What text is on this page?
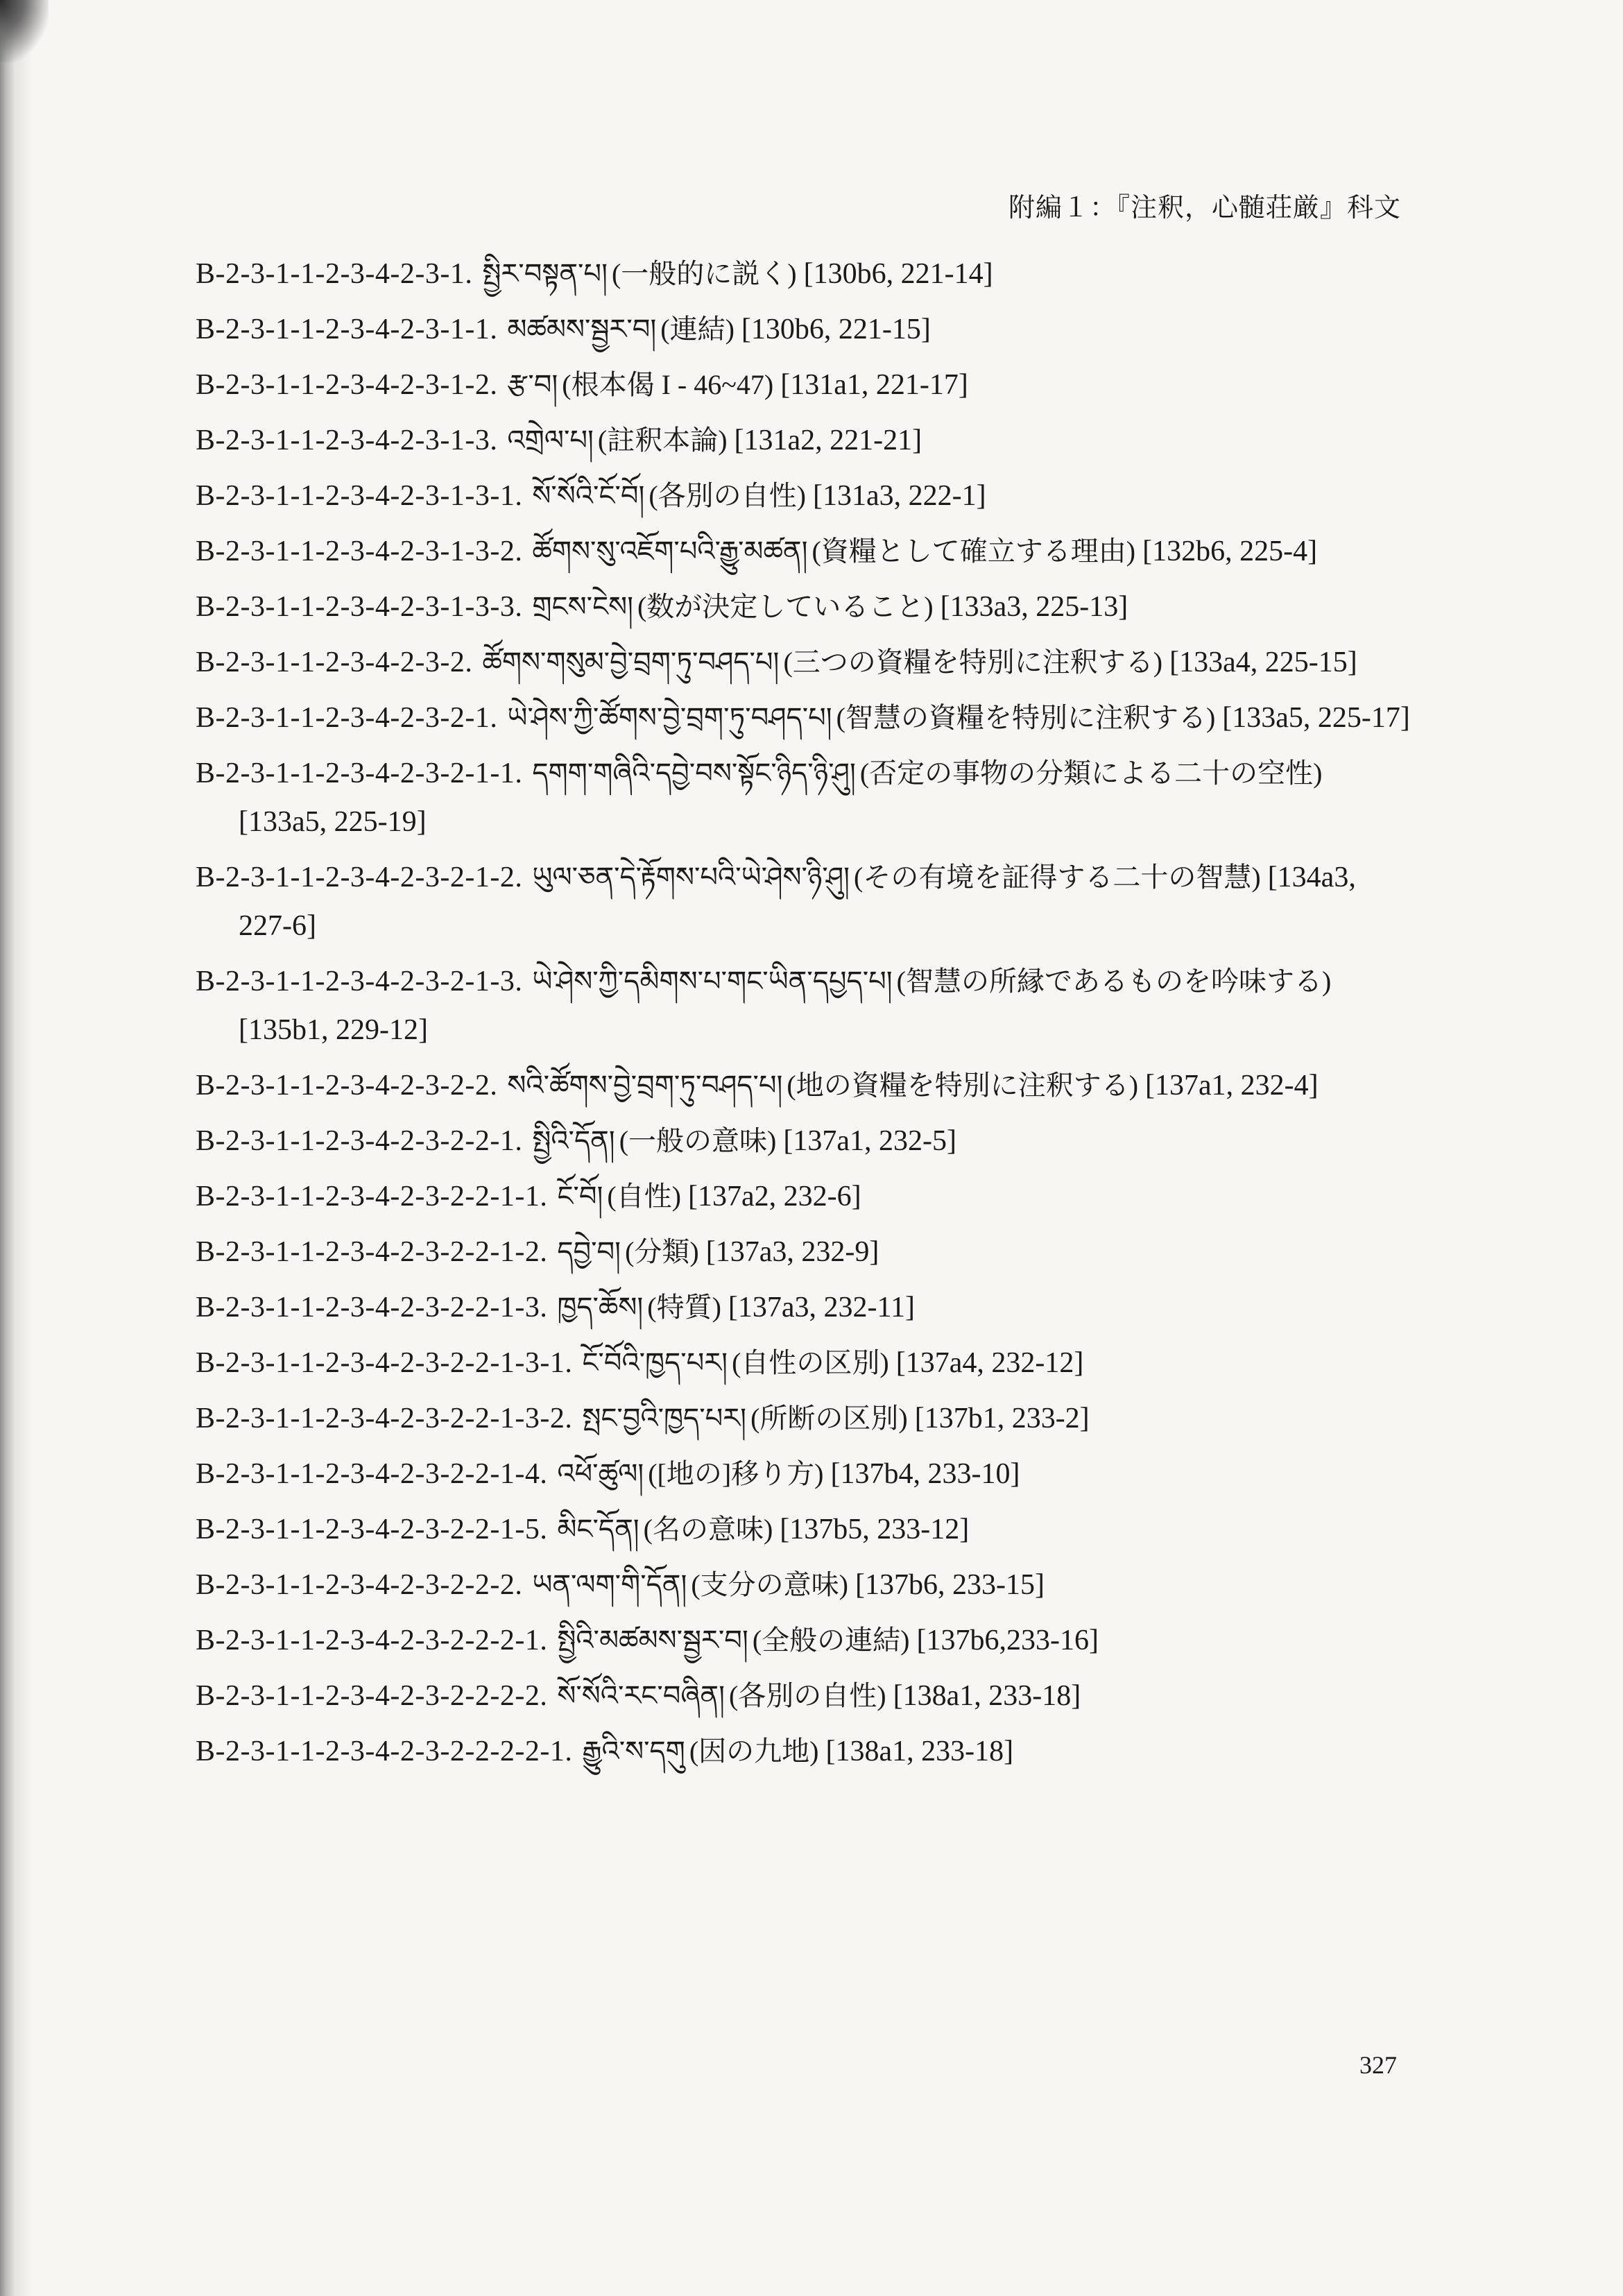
附編１：『注釈，心髄荘厳』科文
B-2-3-1-1-2-3-4-2-3-1. སྤྱིར་བསྟན་པ། (一般的に説く) [130b6, 221-14]
B-2-3-1-1-2-3-4-2-3-1-1. མཚམས་སྦྱར་བ། (連結) [130b6, 221-15]
B-2-3-1-1-2-3-4-2-3-1-2. རྩ་བ། (根本偈 I - 46~47) [131a1, 221-17]
B-2-3-1-1-2-3-4-2-3-1-3. འགྲེལ་པ། (註釈本論) [131a2, 221-21]
B-2-3-1-1-2-3-4-2-3-1-3-1. སོ་སོའི་ངོ་བོ། (各別の自性) [131a3, 222-1]
B-2-3-1-1-2-3-4-2-3-1-3-2. ཚོགས་སུ་འཇོག་པའི་རྒྱུ་མཚན། (資糧として確立する理由) [132b6, 225-4]
B-2-3-1-1-2-3-4-2-3-1-3-3. གྲངས་ངེས། (数が決定していること) [133a3, 225-13]
B-2-3-1-1-2-3-4-2-3-2. ཚོགས་གསུམ་བྱེ་བྲག་ཏུ་བཤད་པ། (三つの資糧を特別に注釈する) [133a4, 225-15]
B-2-3-1-1-2-3-4-2-3-2-1. ཡེ་ཤེས་ཀྱི་ཚོགས་བྱེ་བྲག་ཏུ་བཤད་པ། (智慧の資糧を特別に注釈する) [133a5, 225-17]
B-2-3-1-1-2-3-4-2-3-2-1-1. དགག་གཞིའི་དབྱེ་བས་སྟོང་ཉིད་ཉི་ཤུ། (否定の事物の分類による二十の空性)[133a5, 225-19]
B-2-3-1-1-2-3-4-2-3-2-1-2. ཡུལ་ཅན་དེ་རྟོགས་པའི་ཡེ་ཤེས་ཉི་ཤུ། (その有境を証得する二十の智慧) [134a3, 227-6]
B-2-3-1-1-2-3-4-2-3-2-1-3. ཡེ་ཤེས་ཀྱི་དམིགས་པ་གང་ཡིན་དཔྱད་པ། (智慧の所縁であるものを吟味する)[135b1, 229-12]
B-2-3-1-1-2-3-4-2-3-2-2. སའི་ཚོགས་བྱེ་བྲག་ཏུ་བཤད་པ། (地の資糧を特別に注釈する) [137a1, 232-4]
B-2-3-1-1-2-3-4-2-3-2-2-1. སྤྱིའི་དོན། (一般の意味) [137a1, 232-5]
B-2-3-1-1-2-3-4-2-3-2-2-1-1. ངོ་བོ། (自性) [137a2, 232-6]
B-2-3-1-1-2-3-4-2-3-2-2-1-2. དབྱེ་བ། (分類) [137a3, 232-9]
B-2-3-1-1-2-3-4-2-3-2-2-1-3. ཁྱད་ཆོས། (特質) [137a3, 232-11]
B-2-3-1-1-2-3-4-2-3-2-2-1-3-1. ངོ་བོའི་ཁྱད་པར། (自性の区別) [137a4, 232-12]
B-2-3-1-1-2-3-4-2-3-2-2-1-3-2. སྤང་བྱའི་ཁྱད་པར། (所断の区別) [137b1, 233-2]
B-2-3-1-1-2-3-4-2-3-2-2-1-4. འཕོ་ཚུལ། ([地の]移り方) [137b4, 233-10]
B-2-3-1-1-2-3-4-2-3-2-2-1-5. མིང་དོན། (名の意味) [137b5, 233-12]
B-2-3-1-1-2-3-4-2-3-2-2-2. ཡན་ལག་གི་དོན། (支分の意味) [137b6, 233-15]
B-2-3-1-1-2-3-4-2-3-2-2-2-1. སྤྱིའི་མཚམས་སྦྱར་བ། (全般の連結) [137b6,233-16]
B-2-3-1-1-2-3-4-2-3-2-2-2-2. སོ་སོའི་རང་བཞིན། (各別の自性) [138a1, 233-18]
B-2-3-1-1-2-3-4-2-3-2-2-2-2-1. རྒྱུའི་ས་དགུ (因の九地) [138a1, 233-18]
327
